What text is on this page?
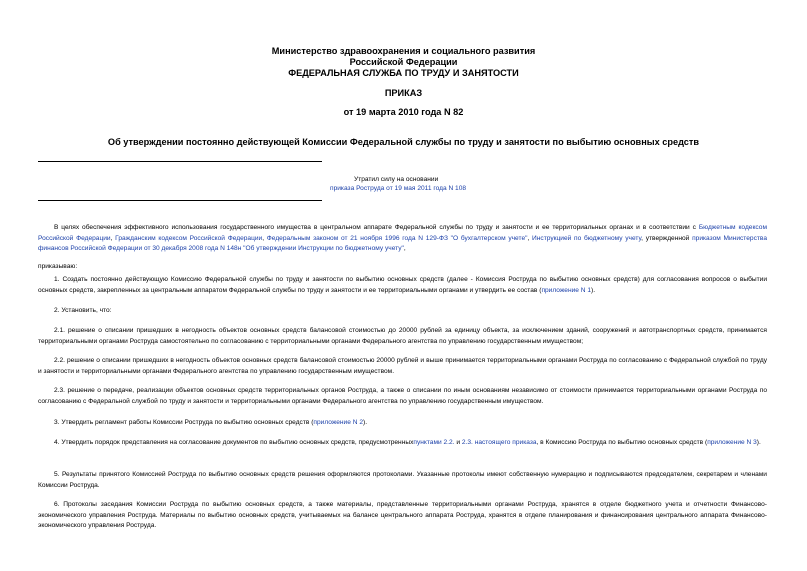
Министерство здравоохранения и социального развития
Российской Федерации
ФЕДЕРАЛЬНАЯ СЛУЖБА ПО ТРУДУ И ЗАНЯТОСТИ
ПРИКАЗ
от 19 марта 2010 года N 82
Об утверждении постоянно действующей Комиссии Федеральной службы по труду и занятости по выбытию основных средств
Утратил силу на основании
приказа Роструда от 19 мая 2011 года N 108
В целях обеспечения эффективного использования государственного имущества в центральном аппарате Федеральной службы по труду и занятости и ее территориальных органах и в соответствии с Бюджетным кодексом Российской Федерации, Гражданским кодексом Российской Федерации, Федеральным законом от 21 ноября 1996 года N 129-ФЗ "О бухгалтерском учете", Инструкцией по бюджетному учету, утвержденной приказом Министерства финансов Российской Федерации от 30 декабря 2008 года N 148н "Об утверждении Инструкции по бюджетному учету",
приказываю:
1. Создать постоянно действующую Комиссию Федеральной службы по труду и занятости по выбытию основных средств (далее - Комиссия Роструда по выбытию основных средств) для согласования вопросов о выбытии основных средств, закрепленных за центральным аппаратом Федеральной службы по труду и занятости и ее территориальными органами и утвердить ее состав (приложение N 1).
2. Установить, что:
2.1. решение о списании пришедших в негодность объектов основных средств балансовой стоимостью до 20000 рублей за единицу объекта, за исключением зданий, сооружений и автотранспортных средств, принимается территориальными органами Роструда самостоятельно по согласованию с территориальными органами Федерального агентства по управлению государственным имуществом;
2.2. решение о списании пришедших в негодность объектов основных средств балансовой стоимостью 20000 рублей и выше принимается территориальными органами Роструда по согласованию с Федеральной службой по труду и занятости и территориальными органами Федерального агентства по управлению государственным имуществом.
2.3. решение о передаче, реализации объектов основных средств территориальных органов Роструда, а также о списании по иным основаниям независимо от стоимости принимается территориальными органами Роструда по согласованию с Федеральной службой по труду и занятости и территориальными органами Федерального агентства по управлению государственным имуществом.
3. Утвердить регламент работы Комиссии Роструда по выбытию основных средств (приложение N 2).
4. Утвердить порядок представления на согласование документов по выбытию основных средств, предусмотренныхпунктами 2.2. и 2.3. настоящего приказа, в Комиссию Роструда по выбытию основных средств (приложение N 3).
5. Результаты принятого Комиссией Роструда по выбытию основных средств решения оформляются протоколами. Указанные протоколы имеют собственную нумерацию и подписываются председателем, секретарем и членами Комиссии Роструда.
6. Протоколы заседания Комиссии Роструда по выбытию основных средств, а также материалы, представленные территориальными органами Роструда, хранятся в отделе бюджетного учета и отчетности Финансово-экономического управления Роструда. Материалы по выбытию основных средств, учитываемых на балансе центрального аппарата Роструда, хранятся в отделе планирования и финансирования центрального аппарата Финансово-экономического управления Роструда.
